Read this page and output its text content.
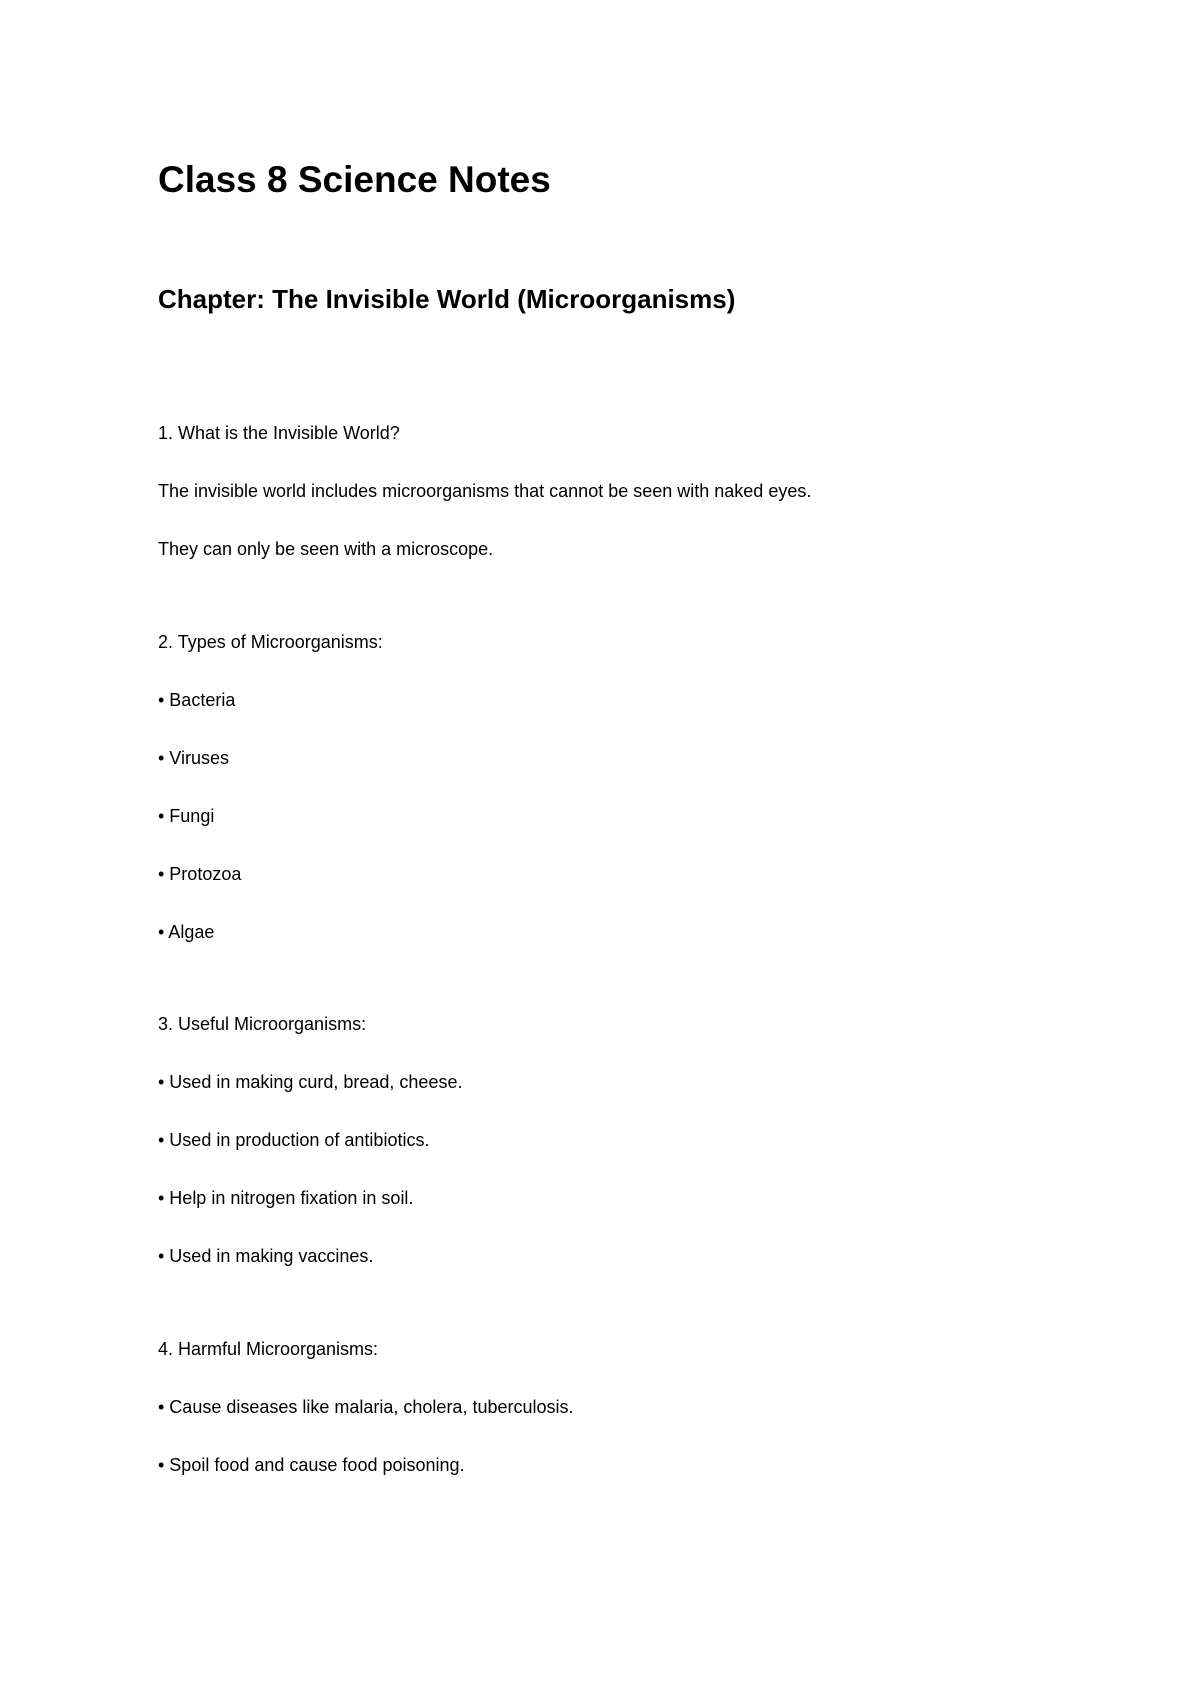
Class 8 Science Notes
Chapter: The Invisible World (Microorganisms)

1. What is the Invisible World?

The invisible world includes microorganisms that cannot be seen with naked eyes.

They can only be seen with a microscope.

2. Types of Microorganisms:

• Bacteria

• Viruses

• Fungi

• Protozoa

• Algae

3. Useful Microorganisms:

• Used in making curd, bread, cheese.

• Used in production of antibiotics.

• Help in nitrogen fixation in soil.

• Used in making vaccines.

4. Harmful Microorganisms:

• Cause diseases like malaria, cholera, tuberculosis.

• Spoil food and cause food poisoning.
